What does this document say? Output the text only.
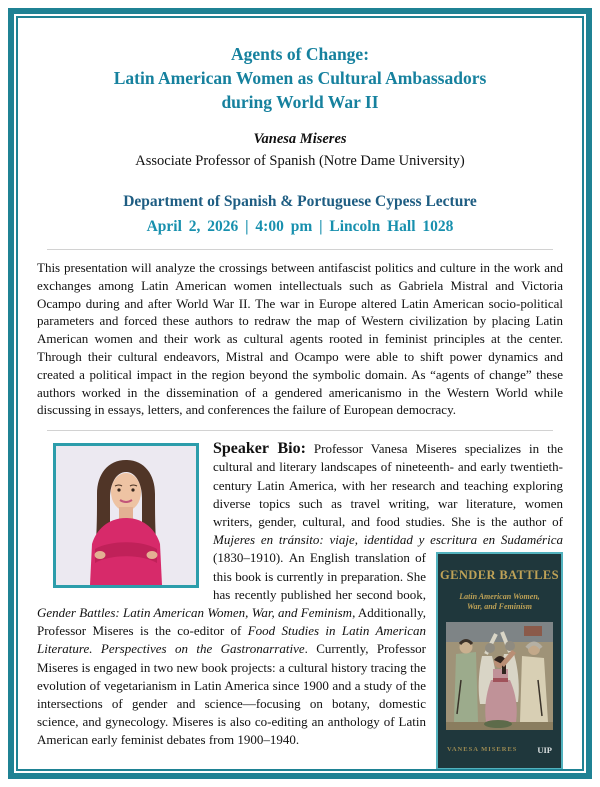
Agents of Change:
Latin American Women as Cultural Ambassadors
during World War II
Vanesa Miseres
Associate Professor of Spanish (Notre Dame University)
Department of Spanish & Portuguese Cypess Lecture
April 2, 2026 | 4:00 pm | Lincoln Hall 1028

This presentation will analyze the crossings between antifascist politics and culture in the work and exchanges among Latin American women intellectuals such as Gabriela Mistral and Victoria Ocampo during and after World War II. The war in Europe altered Latin American socio-political parameters and forced these authors to redraw the map of Western civilization by placing Latin American women and their work as cultural agents rooted in feminist principles at the center. Through their cultural endeavors, Mistral and Ocampo were able to shift power dynamics and created a political impact in the region beyond the symbolic domain. As “agents of change” these authors worked in the dissemination of a gendered americanismo in the Western World while discussing in essays, letters, and conferences the failure of European democracy.

Speaker Bio: Professor Vanesa Miseres specializes in the cultural and literary landscapes of nineteenth- and early twentieth-century Latin America, with her research and teaching exploring diverse topics such as travel writing, war literature, women writers, gender, cultural, and food studies. She is the author of Mujeres en tránsito: viaje, identidad y escritura en Sudamérica (1830–1910).
GENDER BATTLES
Latin American Women,
War, and Feminism
VANESA MISERES UIP
An English translation of this book is currently in preparation. She has recently published her second book, Gender Battles: Latin American Women, War, and Feminism, Additionally, Professor Miseres is the co-editor of Food Studies in Latin American Literature. Perspectives on the Gastronarrative. Currently, Professor Miseres is engaged in two new book projects: a cultural history tracing the evolution of vegetarianism in Latin America since 1900 and a study of the intersections of gender and science—focusing on botany, domestic science, and gynecology. Miseres is also co-editing an anthology of Latin American early feminist debates from 1900–1940.
